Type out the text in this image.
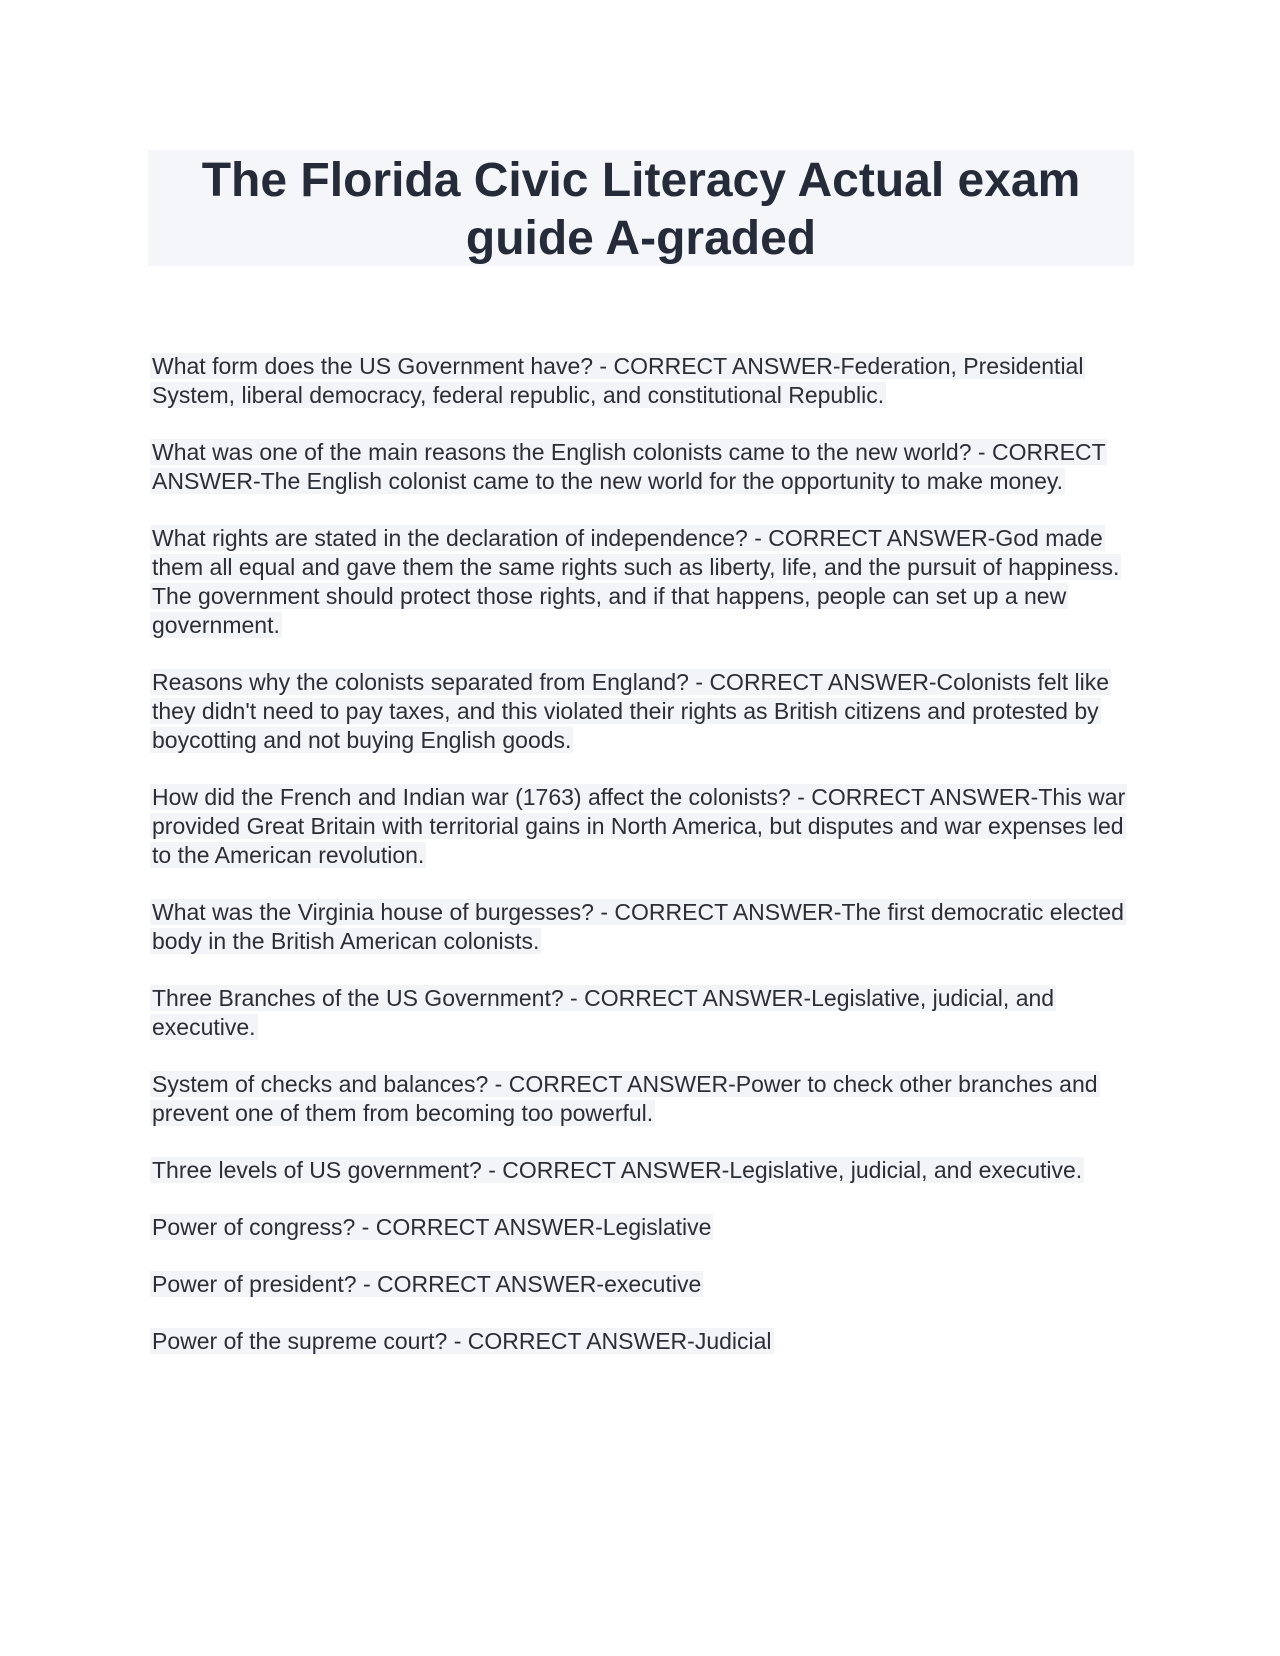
The Florida Civic Literacy Actual exam guide A-graded

What form does the US Government have? - CORRECT ANSWER-Federation, Presidential System, liberal democracy, federal republic, and constitutional Republic.

What was one of the main reasons the English colonists came to the new world? - CORRECT ANSWER-The English colonist came to the new world for the opportunity to make money.

What rights are stated in the declaration of independence? - CORRECT ANSWER-God made them all equal and gave them the same rights such as liberty, life, and the pursuit of happiness. The government should protect those rights, and if that happens, people can set up a new government.

Reasons why the colonists separated from England? - CORRECT ANSWER-Colonists felt like they didn't need to pay taxes, and this violated their rights as British citizens and protested by boycotting and not buying English goods.

How did the French and Indian war (1763) affect the colonists? - CORRECT ANSWER-This war provided Great Britain with territorial gains in North America, but disputes and war expenses led to the American revolution.

What was the Virginia house of burgesses? - CORRECT ANSWER-The first democratic elected body in the British American colonists.

Three Branches of the US Government? - CORRECT ANSWER-Legislative, judicial, and executive.

System of checks and balances? - CORRECT ANSWER-Power to check other branches and prevent one of them from becoming too powerful.

Three levels of US government? - CORRECT ANSWER-Legislative, judicial, and executive.

Power of congress? - CORRECT ANSWER-Legislative

Power of president? - CORRECT ANSWER-executive

Power of the supreme court? - CORRECT ANSWER-Judicial
